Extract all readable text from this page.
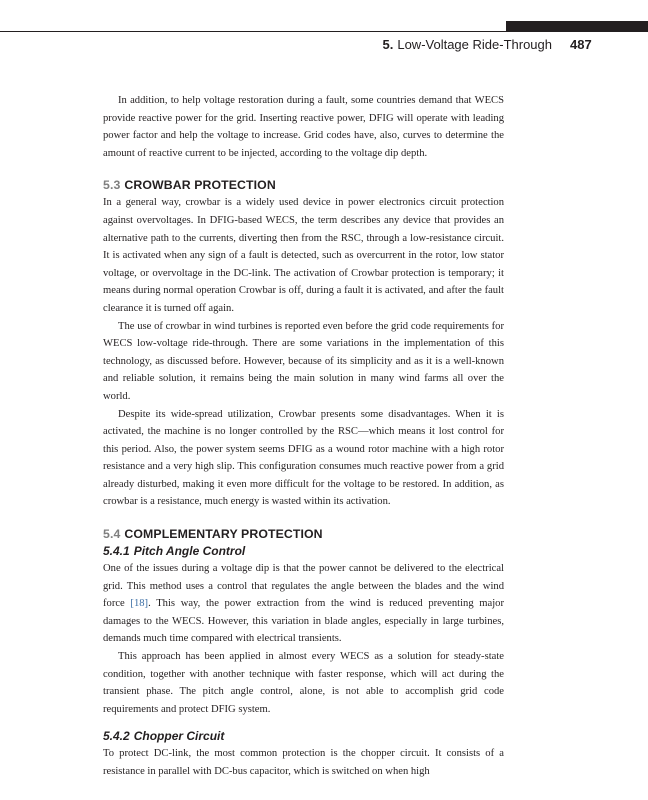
5. Low-Voltage Ride-Through 487

In addition, to help voltage restoration during a fault, some countries demand that WECS provide reactive power for the grid. Inserting reactive power, DFIG will operate with leading power factor and help the voltage to increase. Grid codes have, also, curves to determine the amount of reactive current to be injected, according to the voltage dip depth.

5.3 CROWBAR PROTECTION

In a general way, crowbar is a widely used device in power electronics circuit protection against overvoltages. In DFIG-based WECS, the term describes any device that provides an alternative path to the currents, diverting then from the RSC, through a low-resistance circuit. It is activated when any sign of a fault is detected, such as overcurrent in the rotor, low stator voltage, or overvoltage in the DC-link. The activation of Crowbar protection is temporary; it means during normal operation Crowbar is off, during a fault it is activated, and after the fault clearance it is turned off again.

The use of crowbar in wind turbines is reported even before the grid code requirements for WECS low-voltage ride-through. There are some variations in the implementation of this technology, as discussed before. However, because of its simplicity and as it is a well-known and reliable solution, it remains being the main solution in many wind farms all over the world.

Despite its wide-spread utilization, Crowbar presents some disadvantages. When it is activated, the machine is no longer controlled by the RSC—which means it lost control for this period. Also, the power system seems DFIG as a wound rotor machine with a high rotor resistance and a very high slip. This configuration consumes much reactive power from a grid already disturbed, making it even more difficult for the voltage to be restored. In addition, as crowbar is a resistance, much energy is wasted within its activation.

5.4 COMPLEMENTARY PROTECTION
5.4.1 Pitch Angle Control

One of the issues during a voltage dip is that the power cannot be delivered to the electrical grid. This method uses a control that regulates the angle between the blades and the wind force [18]. This way, the power extraction from the wind is reduced preventing major damages to the WECS. However, this variation in blade angles, especially in large turbines, demands much time compared with electrical transients.

This approach has been applied in almost every WECS as a solution for steady-state condition, together with another technique with faster response, which will act during the transient phase. The pitch angle control, alone, is not able to accomplish grid code requirements and protect DFIG system.

5.4.2 Chopper Circuit

To protect DC-link, the most common protection is the chopper circuit. It consists of a resistance in parallel with DC-bus capacitor, which is switched on when high
